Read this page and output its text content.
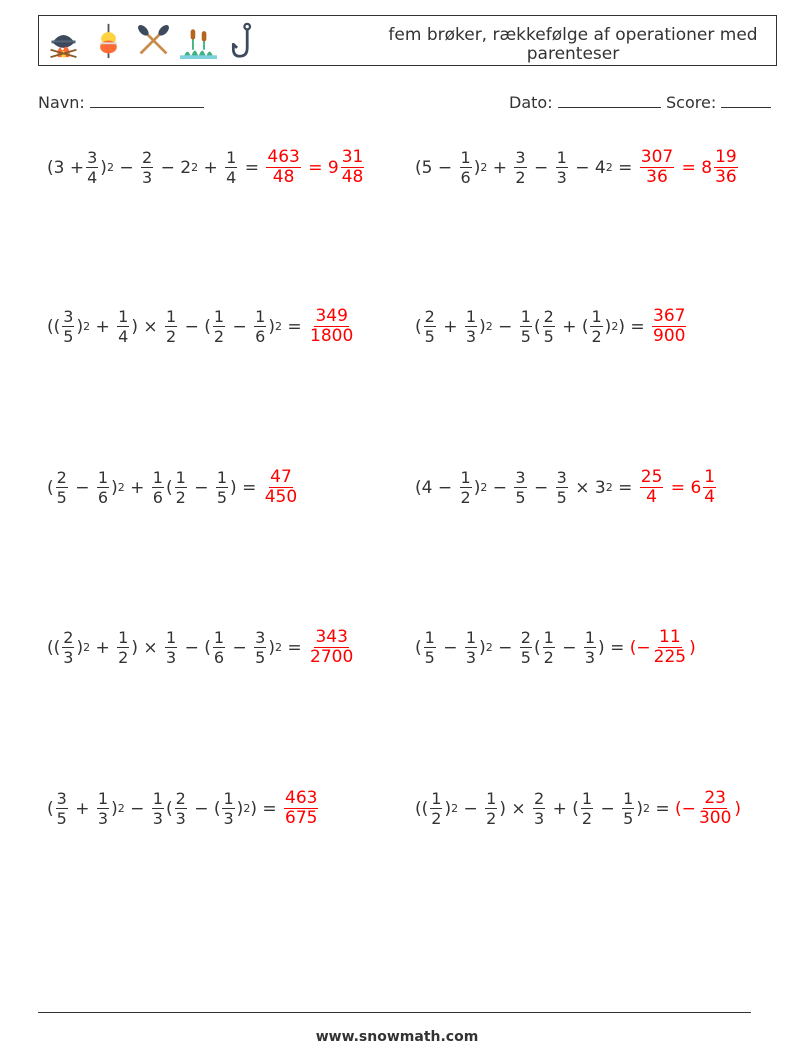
fem brøker, rækkefølge af operationer med parenteser
Navn:	Dato:	Score:
($3 + \frac{3}{4}$ ) $2 - \frac{2}{3} - 2$ $2 + \frac{1}{4} = \frac{463}{48} = 9 \frac{31}{48}$	($5 - \frac{1}{6}$ ) $2 + \frac{3}{2} - \frac{1}{3} - 4$ $2 = \frac{307}{36} = 8 \frac{19}{36}$
(( $\frac{3}{5}$ ) $2 + \frac{1}{4}$ ) × $\frac{1}{2}$ − ( $\frac{1}{2} - \frac{1}{6}$ ) $2 = \frac{349}{1800}$	( $\frac{2}{5} + \frac{1}{3}$ ) $2 - \frac{1}{5}$ ( $\frac{2}{5}$ + ( $\frac{1}{2}$ ) 2 ) = $\frac{367}{900}$
( $\frac{2}{5} - \frac{1}{6}$ ) $2 + \frac{1}{6}$ ( $\frac{1}{2} - \frac{1}{5}$ ) = $\frac{47}{450}$	($4 - \frac{1}{2}$ ) $2 - \frac{3}{5} - \frac{3}{5} \times 3$ $2 = \frac{25}{4} = 6 \frac{1}{4}$
(( $\frac{2}{3}$ ) $2 + \frac{1}{2}$ ) × $\frac{1}{3}$ − ( $\frac{1}{6} - \frac{3}{5}$ ) $2 = \frac{343}{2700}$	( $\frac{1}{5} - \frac{1}{3}$ ) $2 - \frac{2}{5}$ ( $\frac{1}{2} - \frac{1}{3}$ ) = (− $\frac{11}{225}$ )
( $\frac{3}{5} + \frac{1}{3}$ ) $2 - \frac{1}{3}$ ( $\frac{2}{3}$ − ( $\frac{1}{3}$ ) 2 ) = $\frac{463}{675}$	(( $\frac{1}{2}$ ) $2 - \frac{1}{2}$ ) × $\frac{2}{3}$ + ( $\frac{1}{2} - \frac{1}{5}$ ) 2 = (− $\frac{23}{300}$ )
www.snowmath.com
